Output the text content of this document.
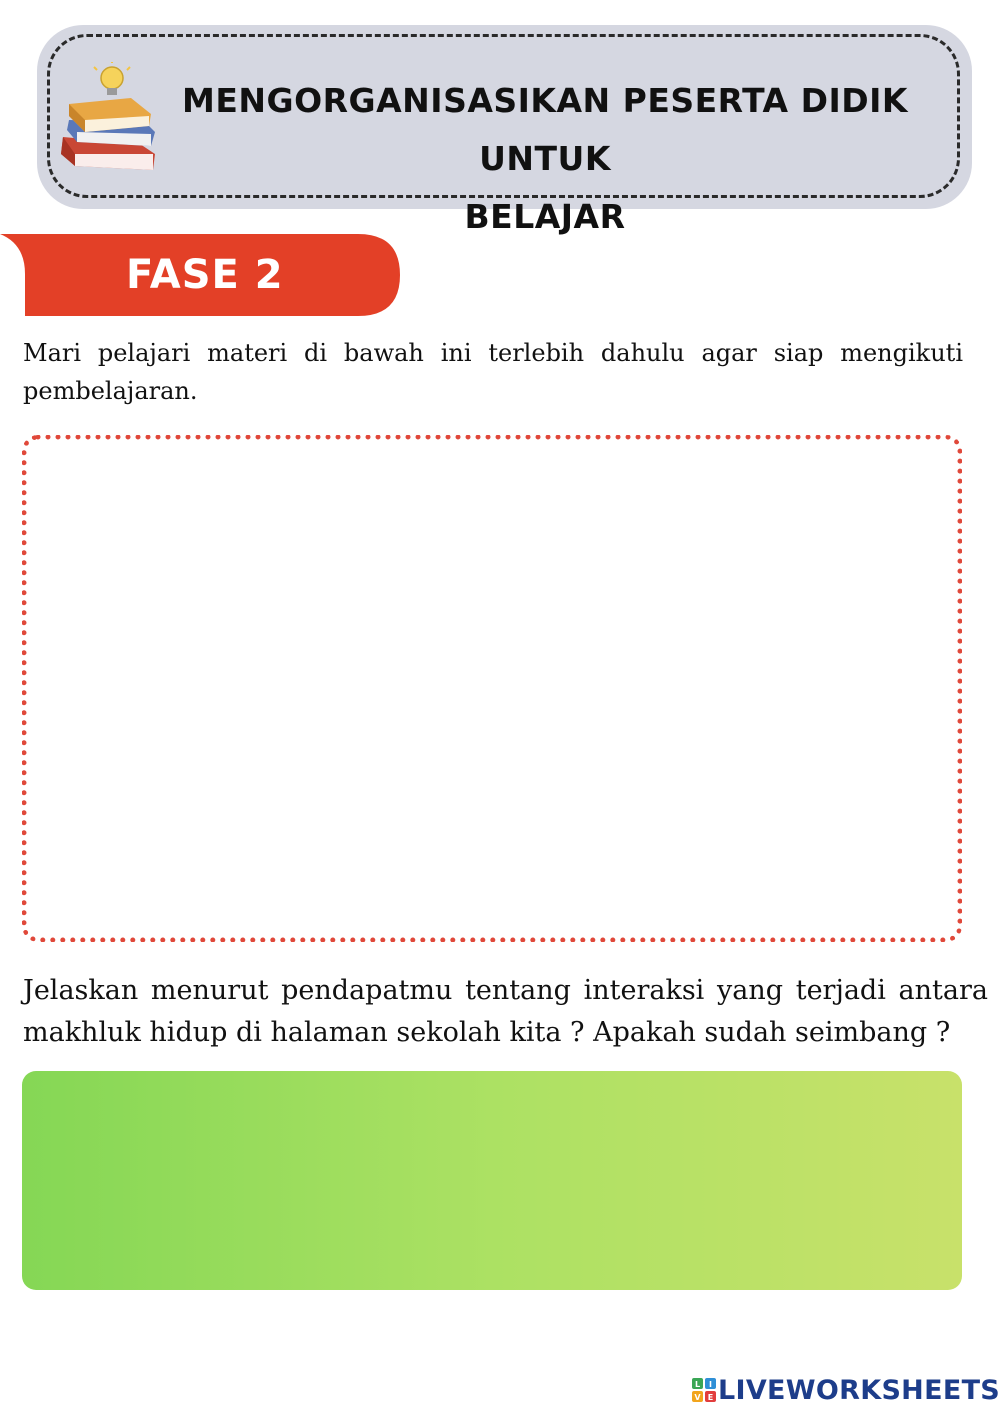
MENGORGANISASIKAN PESERTA DIDIK UNTUK
BELAJAR
FASE 2
Mari pelajari materi di bawah ini terlebih dahulu agar siap mengikuti pembelajaran.
Jelaskan menurut pendapatmu tentang interaksi yang terjadi antara makhluk hidup di halaman sekolah kita ? Apakah sudah seimbang ?
L I
V E LIVEWORKSHEETS
